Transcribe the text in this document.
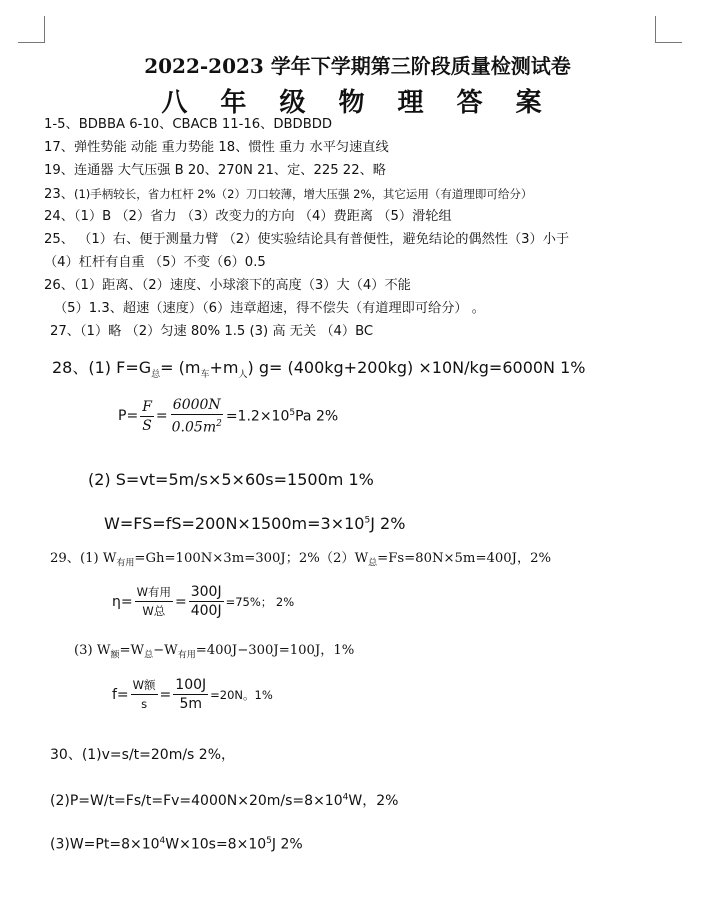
2022-2023 学年下学期第三阶段质量检测试卷
八 年 级 物 理 答 案
1-5、BDBBA 6-10、CBACB 11-16、DBDBDD
17、弹性势能 动能 重力势能 18、惯性 重力 水平匀速直线
19、连通器 大气压强 B 20、270N 21、定、225 22、略
23、(1)手柄较长，省力杠杆 2%（2）刀口较薄，增大压强 2%，其它运用（有道理即可给分）
24、（1）B （2）省力 （3）改变力的方向 （4）费距离 （5）滑轮组
25、 （1）右、便于测量力臂 （2）使实验结论具有普便性，避免结论的偶然性（3）小于
（4）杠杆有自重 （5）不变（6）0.5
26、（1）距离、（2）速度、小球滚下的高度（3）大（4）不能
（5）1.3、超速（速度）（6）违章超速，得不偿失（有道理即可给分） 。
27、（1）略 （2）匀速 80% 1.5 (3) 高 无关 （4）BC
28、(1) $F=G_总= (m_车+m_人)$ g= (400kg+200kg) ×10N/kg=6000N 1%
$P= \frac{F}{S} = \frac{6000N}{0.05m^2} =1.2\times 10^5Pa$ 2%
(2) S=vt=5m/s×5×60s=1500m 1%
$W=FS=fS=200N\times 1500m=3\times 10^5J$ 2%
29、(1) $W_{有用}=Gh=100N\times 3m=300J$；$2\%(2)W_总=Fs=80N\times 5m=400J$，2%
$\eta= \frac{\text{W有用}}{\text{W总}} = \frac{300J}{400J} =75\%$； 2%
(3) $W_额=W_总-W_{有用}=400J-300J=100J$，1%
$f= \frac{\text{W额}}{s} = \frac{100J}{5m} =20N$。1%
30、(1)v=s/t=20m/s 2%，
$(2)P=W/t=Fs/t=Fv=4000N\times 20m/s=8\times 10^4W$，2%
$(3)W=Pt=8\times 10^4W\times 10s=8\times 10^5J$ 2%
